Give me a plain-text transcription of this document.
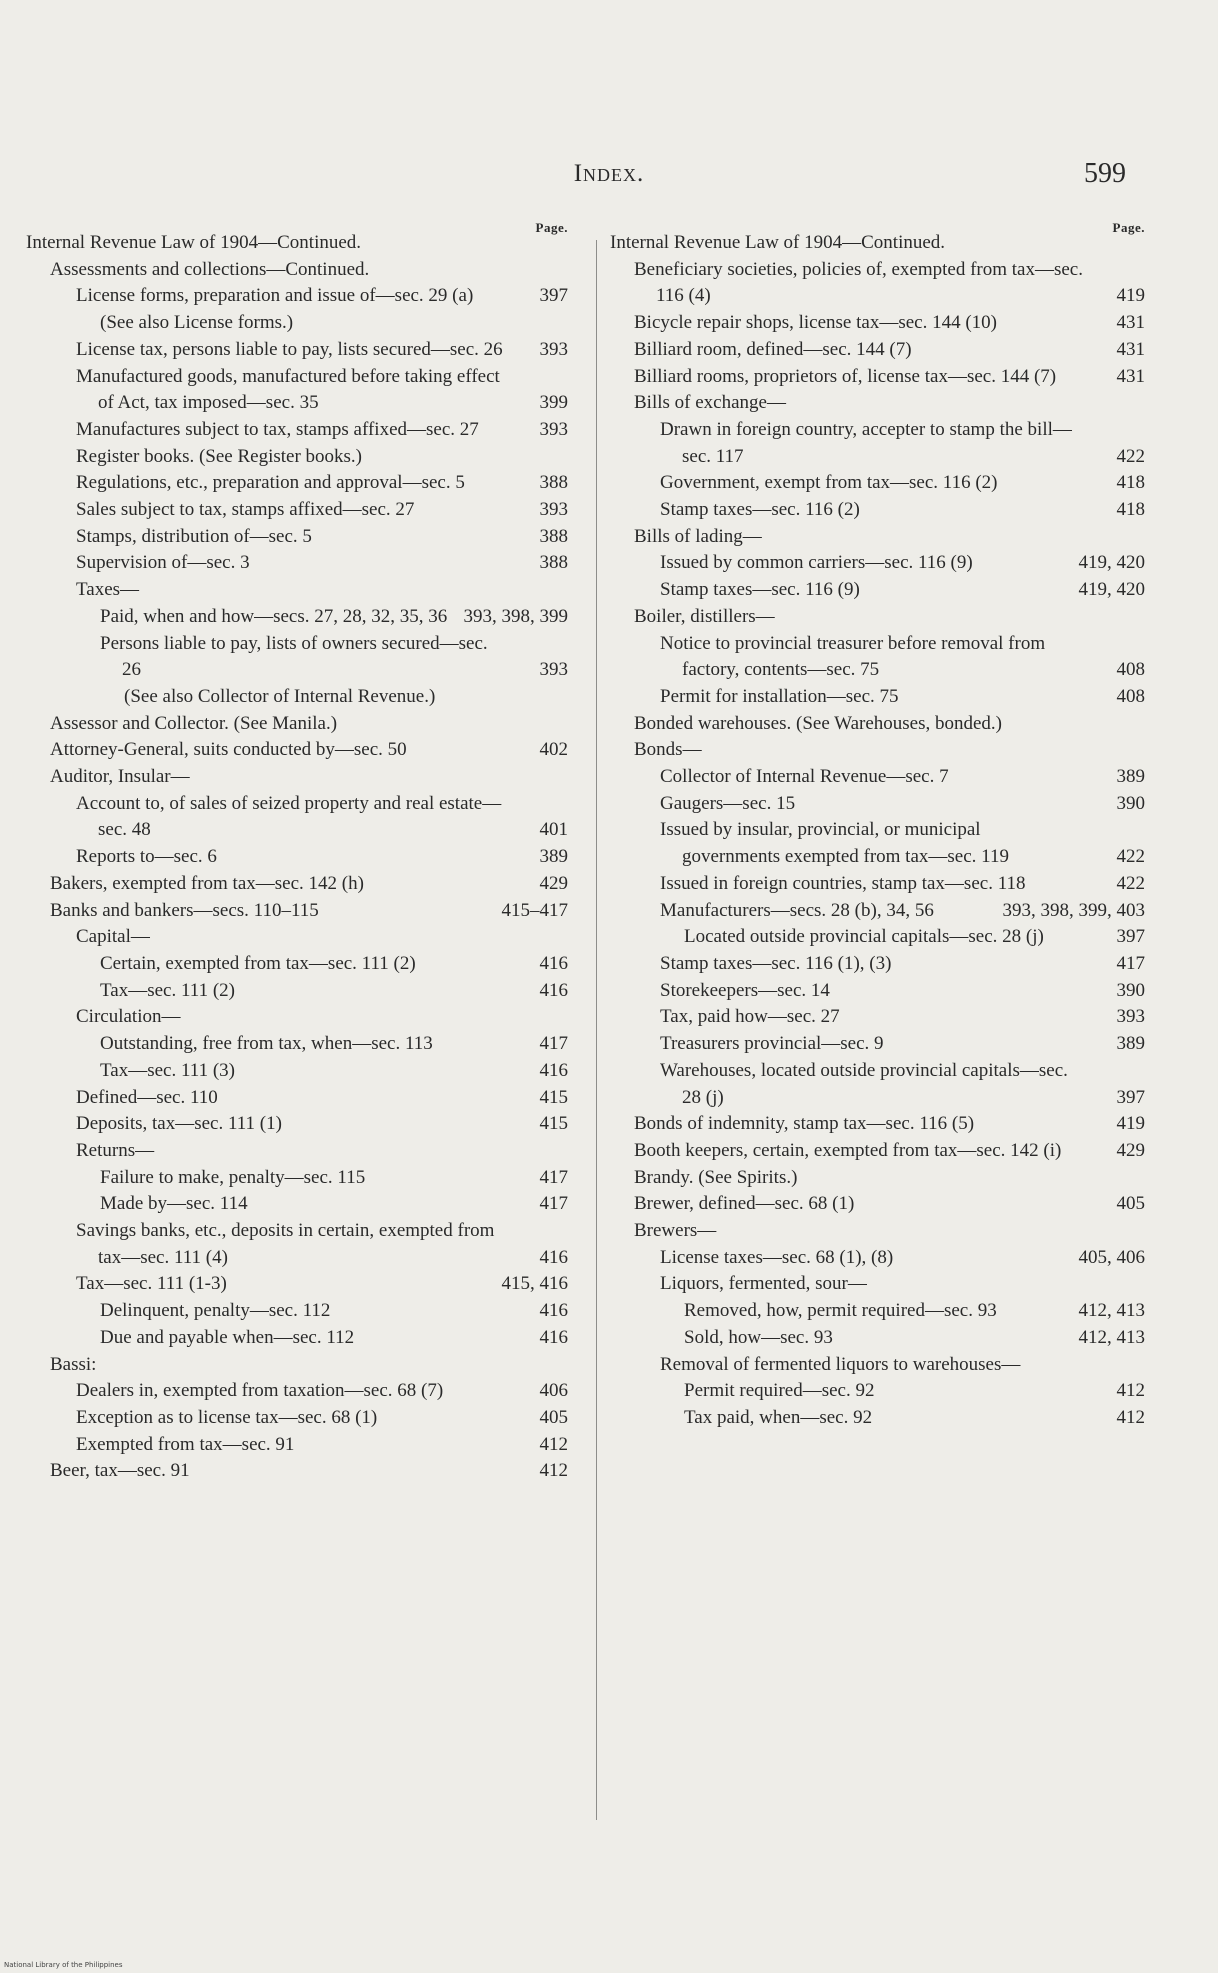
Index.	599
Page.
Internal Revenue Law of 1904—Continued.
Assessments and collections—Continued.
License forms, preparation and issue of—sec. 29 (a)	397
(See also License forms.)
License tax, persons liable to pay, lists secured—sec. 26 393
Manufactured goods, manufactured before taking effect of Act, tax imposed—sec. 35	399
Manufactures subject to tax, stamps affixed—sec. 27	393
Register books. (See Register books.)
Regulations, etc., preparation and approval—sec. 5	388
Sales subject to tax, stamps affixed—sec. 27	393
Stamps, distribution of—sec. 5	388
Supervision of—sec. 3	388
Taxes—
Paid, when and how—secs. 27, 28, 32, 35, 36 393, 398, 399
Persons liable to pay, lists of owners secured—sec. 26	393
(See also Collector of Internal Revenue.)
Assessor and Collector. (See Manila.)
Attorney-General, suits conducted by—sec. 50	402
Auditor, Insular—
Account to, of sales of seized property and real estate—sec. 48	401
Reports to—sec. 6	389
Bakers, exempted from tax—sec. 142 (h)	429
Banks and bankers—secs. 110–115	415–417
Capital—
Certain, exempted from tax—sec. 111 (2)	416
Tax—sec. 111 (2)	416
Circulation—
Outstanding, free from tax, when—sec. 113	417
Tax—sec. 111 (3)	416
Defined—sec. 110	415
Deposits, tax—sec. 111 (1)	415
Returns—
Failure to make, penalty—sec. 115	417
Made by—sec. 114	417
Savings banks, etc., deposits in certain, exempted from tax—sec. 111 (4)	416
Tax—sec. 111 (1-3)	415, 416
Delinquent, penalty—sec. 112	416
Due and payable when—sec. 112	416
Bassi:
Dealers in, exempted from taxation—sec. 68 (7)	406
Exception as to license tax—sec. 68 (1)	405
Exempted from tax—sec. 91	412
Beer, tax—sec. 91	412
Page.
Internal Revenue Law of 1904—Continued.
Beneficiary societies, policies of, exempted from tax—sec. 116 (4)	419
Bicycle repair shops, license tax—sec. 144 (10)	431
Billiard room, defined—sec. 144 (7)	431
Billiard rooms, proprietors of, license tax—sec. 144 (7)	431
Bills of exchange—
Drawn in foreign country, accepter to stamp the bill—sec. 117	422
Government, exempt from tax—sec. 116 (2)	418
Stamp taxes—sec. 116 (2)	418
Bills of lading—
Issued by common carriers—sec. 116 (9)	419, 420
Stamp taxes—sec. 116 (9)	419, 420
Boiler, distillers—
Notice to provincial treasurer before removal from factory, contents—sec. 75	408
Permit for installation—sec. 75	408
Bonded warehouses. (See Warehouses, bonded.)
Bonds—
Collector of Internal Revenue—sec. 7	389
Gaugers—sec. 15	390
Issued by insular, provincial, or municipal governments exempted from tax—sec. 119	422
Issued in foreign countries, stamp tax—sec. 118	422
Manufacturers—secs. 28 (b), 34, 56	393, 398, 399, 403
Located outside provincial capitals—sec. 28 (j)	397
Stamp taxes—sec. 116 (1), (3)	417
Storekeepers—sec. 14	390
Tax, paid how—sec. 27	393
Treasurers provincial—sec. 9	389
Warehouses, located outside provincial capitals—sec. 28 (j)	397
Bonds of indemnity, stamp tax—sec. 116 (5)	419
Booth keepers, certain, exempted from tax—sec. 142 (i)	429
Brandy. (See Spirits.)
Brewer, defined—sec. 68 (1)	405
Brewers—
License taxes—sec. 68 (1), (8)	405, 406
Liquors, fermented, sour—
Removed, how, permit required—sec. 93	412, 413
Sold, how—sec. 93	412, 413
Removal of fermented liquors to warehouses—
Permit required—sec. 92	412
Tax paid, when—sec. 92	412
National Library of the Philippines
